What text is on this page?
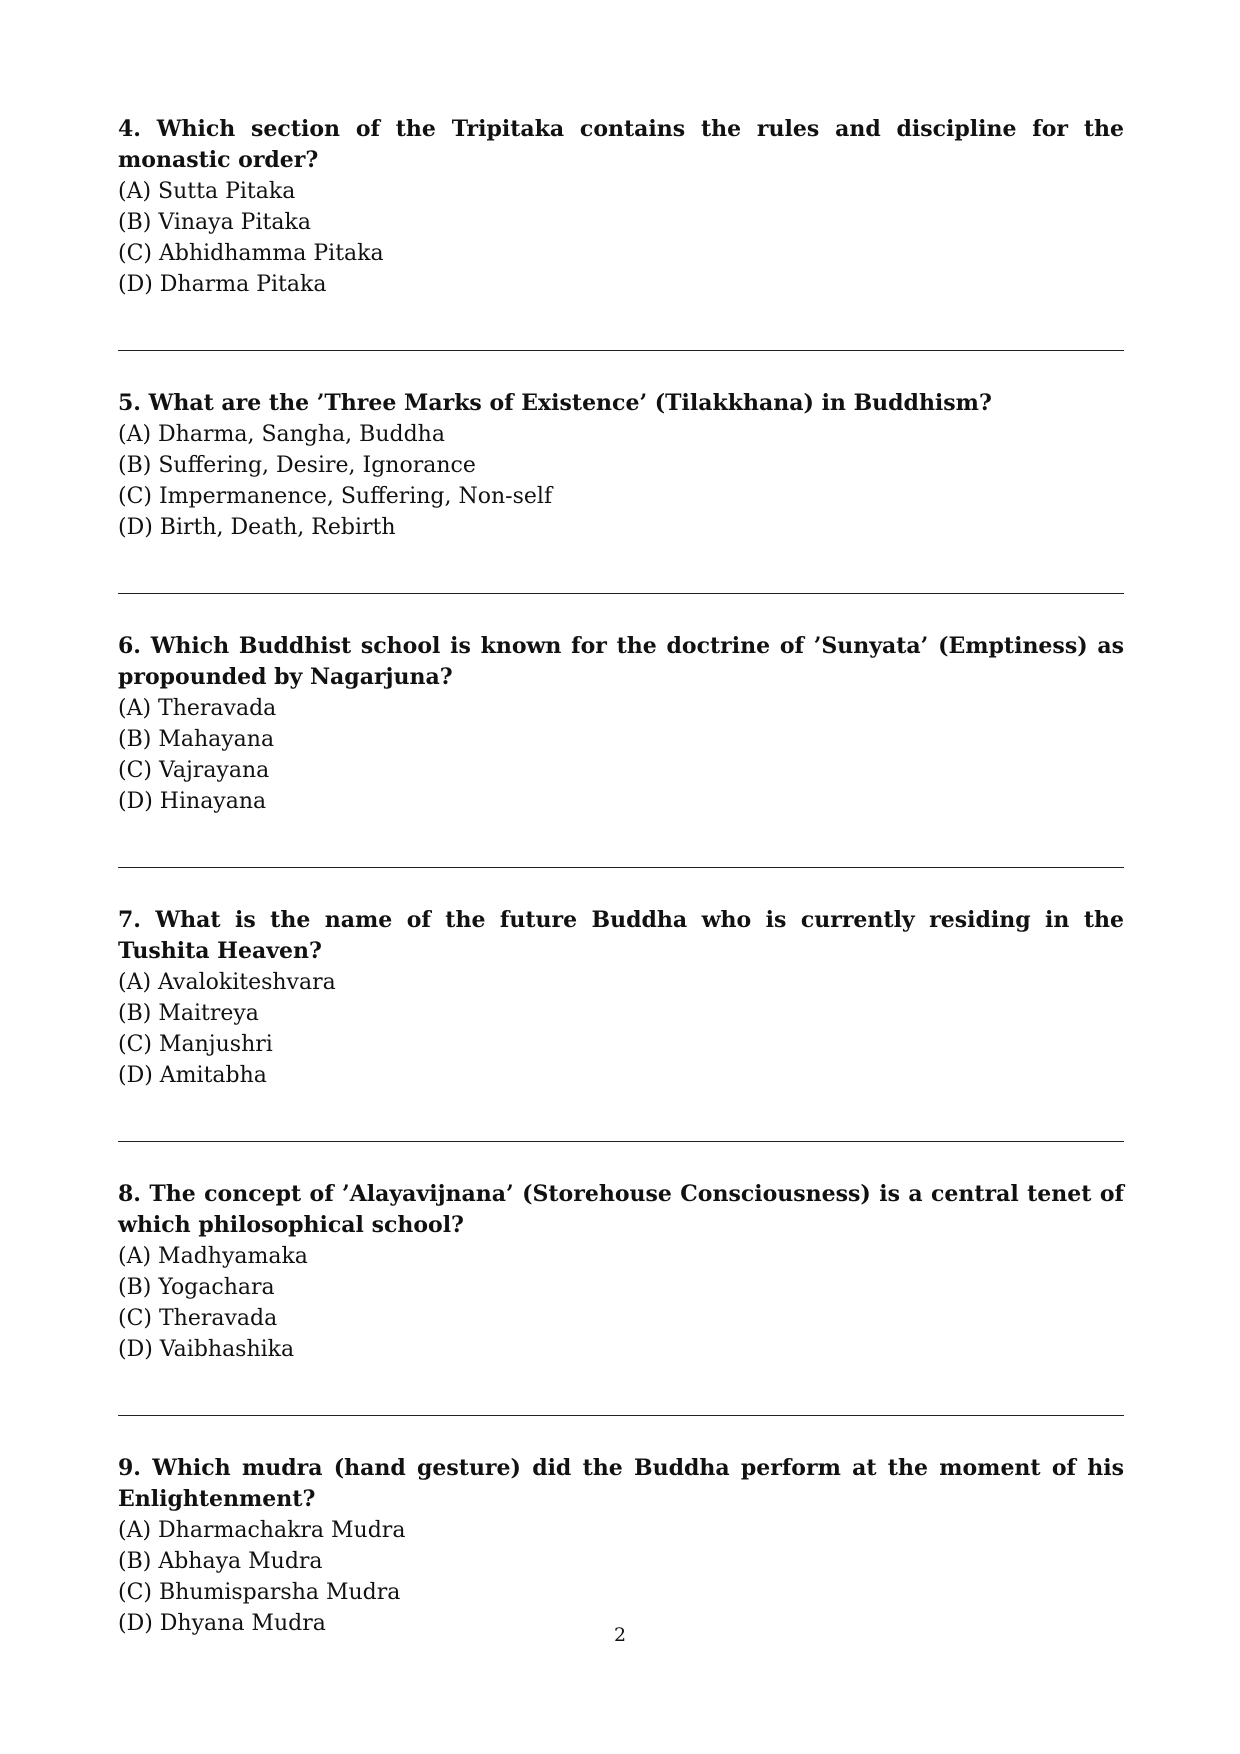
4. Which section of the Tripitaka contains the rules and discipline for the monastic order?

(A) Sutta Pitaka

(B) Vinaya Pitaka

(C) Abhidhamma Pitaka

(D) Dharma Pitaka

5. What are the ’Three Marks of Existence’ (Tilakkhana) in Buddhism?

(A) Dharma, Sangha, Buddha

(B) Suffering, Desire, Ignorance

(C) Impermanence, Suffering, Non-self

(D) Birth, Death, Rebirth

6. Which Buddhist school is known for the doctrine of ’Sunyata’ (Emptiness) as propounded by Nagarjuna?

(A) Theravada

(B) Mahayana

(C) Vajrayana

(D) Hinayana

7. What is the name of the future Buddha who is currently residing in the Tushita Heaven?

(A) Avalokiteshvara

(B) Maitreya

(C) Manjushri

(D) Amitabha

8. The concept of ’Alayavijnana’ (Storehouse Consciousness) is a central tenet of which philosophical school?

(A) Madhyamaka

(B) Yogachara

(C) Theravada

(D) Vaibhashika

9. Which mudra (hand gesture) did the Buddha perform at the moment of his Enlightenment?

(A) Dharmachakra Mudra

(B) Abhaya Mudra

(C) Bhumisparsha Mudra

(D) Dhyana Mudra	2
